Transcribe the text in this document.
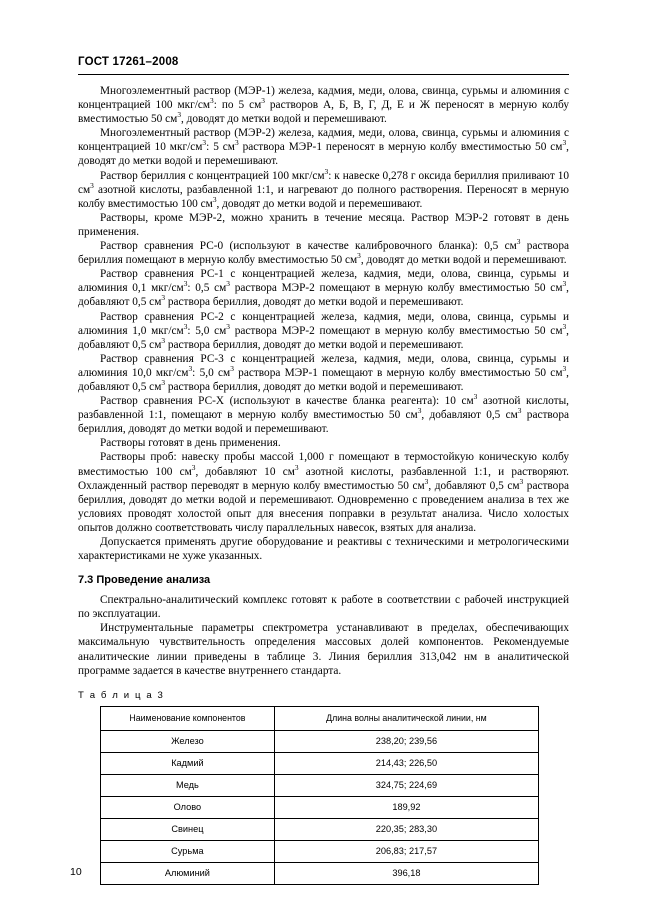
ГОСТ 17261–2008

Многоэлементный раствор (МЭР-1) железа, кадмия, меди, олова, свинца, сурьмы и алюминия с концентрацией 100 мкг/$см^3$: по 5 $см^3$ растворов А, Б, В, Г, Д, Е и Ж переносят в мерную колбу вместимостью 50 $см^3$, доводят до метки водой и перемешивают.

Многоэлементный раствор (МЭР-2) железа, кадмия, меди, олова, свинца, сурьмы и алюминия с концентрацией 10 мкг/$см^3$: 5 $см^3$ раствора МЭР-1 переносят в мерную колбу вместимостью 50 $см^3$, доводят до метки водой и перемешивают.

Раствор бериллия с концентрацией 100 мкг/$см^3$: к навеске 0,278 г оксида бериллия приливают 10 $см^3$ азотной кислоты, разбавленной 1:1, и нагревают до полного растворения. Переносят в мерную колбу вместимостью 100 $см^3$, доводят до метки водой и перемешивают.

Растворы, кроме МЭР-2, можно хранить в течение месяца. Раствор МЭР-2 готовят в день применения.

Раствор сравнения РС-0 (используют в качестве калибровочного бланка): 0,5 $см^3$ раствора бериллия помещают в мерную колбу вместимостью 50 $см^3$, доводят до метки водой и перемешивают.

Раствор сравнения РС-1 с концентрацией железа, кадмия, меди, олова, свинца, сурьмы и алюминия 0,1 мкг/$см^3$: 0,5 $см^3$ раствора МЭР-2 помещают в мерную колбу вместимостью 50 $см^3$, добавляют 0,5 $см^3$ раствора бериллия, доводят до метки водой и перемешивают.

Раствор сравнения РС-2 с концентрацией железа, кадмия, меди, олова, свинца, сурьмы и алюминия 1,0 мкг/$см^3$: 5,0 $см^3$ раствора МЭР-2 помещают в мерную колбу вместимостью 50 $см^3$, добавляют 0,5 $см^3$ раствора бериллия, доводят до метки водой и перемешивают.

Раствор сравнения РС-3 с концентрацией железа, кадмия, меди, олова, свинца, сурьмы и алюминия 10,0 мкг/$см^3$: 5,0 $см^3$ раствора МЭР-1 помещают в мерную колбу вместимостью 50 $см^3$, добавляют 0,5 $см^3$ раствора бериллия, доводят до метки водой и перемешивают.

Раствор сравнения РС-Х (используют в качестве бланка реагента): 10 $см^3$ азотной кислоты, разбавленной 1:1, помещают в мерную колбу вместимостью 50 $см^3$, добавляют 0,5 $см^3$ раствора бериллия, доводят до метки водой и перемешивают.

Растворы готовят в день применения.

Растворы проб: навеску пробы массой 1,000 г помещают в термостойкую коническую колбу вместимостью 100 $см^3$, добавляют 10 $см^3$ азотной кислоты, разбавленной 1:1, и растворяют. Охлажденный раствор переводят в мерную колбу вместимостью 50 $см^3$, добавляют 0,5 $см^3$ раствора бериллия, доводят до метки водой и перемешивают. Одновременно с проведением анализа в тех же условиях проводят холостой опыт для внесения поправки в результат анализа. Число холостых опытов должно соответствовать числу параллельных навесок, взятых для анализа.

Допускается применять другие оборудование и реактивы с техническими и метрологическими характеристиками не хуже указанных.

7.3 Проведение анализа

Спектрально-аналитический комплекс готовят к работе в соответствии с рабочей инструкцией по эксплуатации.

Инструментальные параметры спектрометра устанавливают в пределах, обеспечивающих максимальную чувствительность определения массовых долей компонентов. Рекомендуемые аналитические линии приведены в таблице 3. Линия бериллия 313,042 нм в аналитической программе задается в качестве внутреннего стандарта.

Т а б л и ц а 3
Наименование компонентов	Длина волны аналитической линии, нм
Железо	238,20; 239,56
Кадмий	214,43; 226,50
Медь	324,75; 224,69
Олово	189,92
Свинец	220,35; 283,30
Сурьма	206,83; 217,57
Алюминий	396,18
10
